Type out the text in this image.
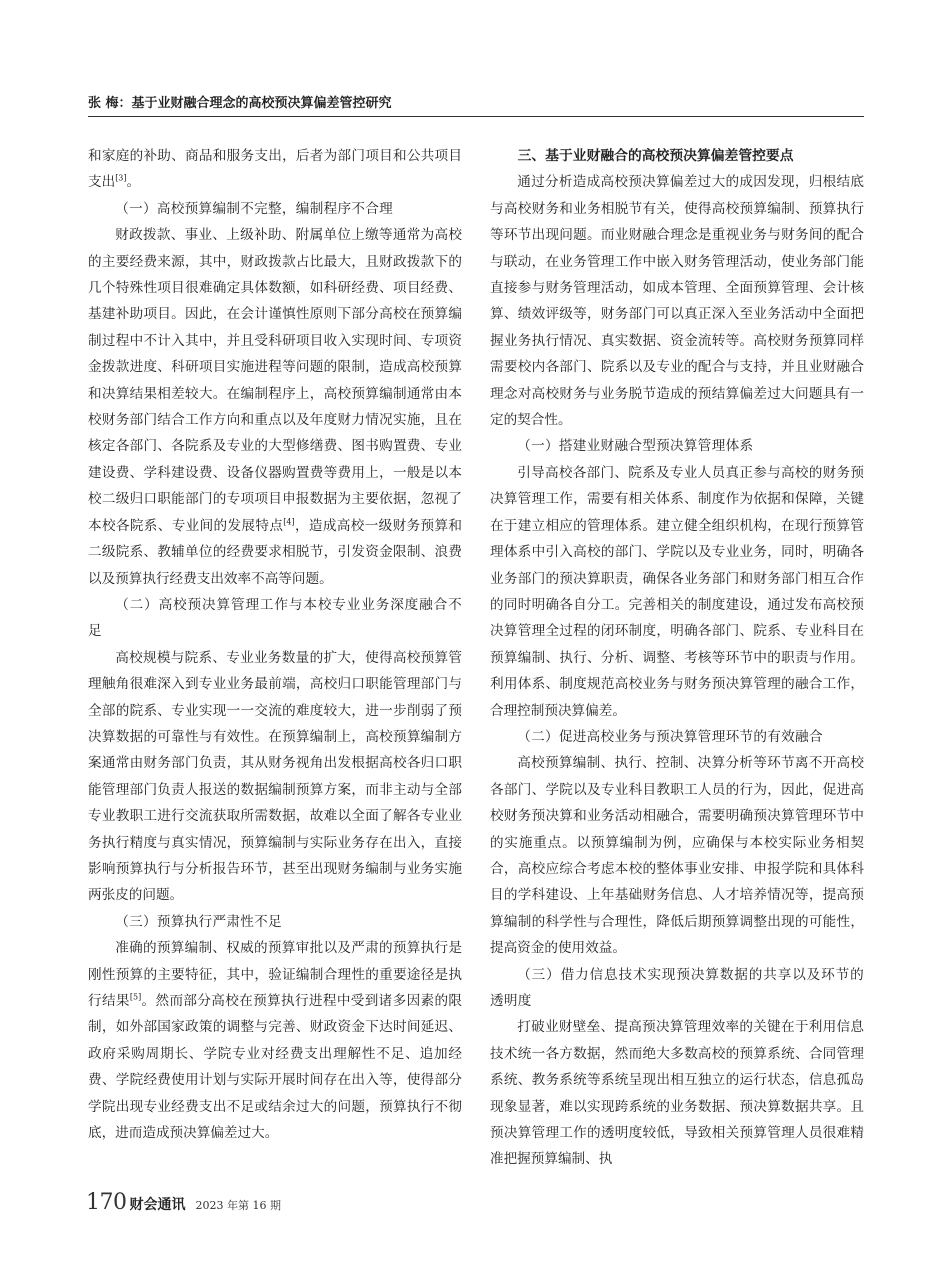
张 梅：基于业财融合理念的高校预决算偏差管控研究

和家庭的补助、商品和服务支出，后者为部门项目和公共项目支出[3]。

（一）高校预算编制不完整，编制程序不合理

财政拨款、事业、上级补助、附属单位上缴等通常为高校的主要经费来源，其中，财政拨款占比最大，且财政拨款下的几个特殊性项目很难确定具体数额，如科研经费、项目经费、基建补助项目。因此，在会计谨慎性原则下部分高校在预算编制过程中不计入其中，并且受科研项目收入实现时间、专项资金拨款进度、科研项目实施进程等问题的限制，造成高校预算和决算结果相差较大。在编制程序上，高校预算编制通常由本校财务部门结合工作方向和重点以及年度财力情况实施，且在核定各部门、各院系及专业的大型修缮费、图书购置费、专业建设费、学科建设费、设备仪器购置费等费用上，一般是以本校二级归口职能部门的专项项目申报数据为主要依据，忽视了本校各院系、专业间的发展特点[4]，造成高校一级财务预算和二级院系、教辅单位的经费要求相脱节，引发资金限制、浪费以及预算执行经费支出效率不高等问题。

（二）高校预决算管理工作与本校专业业务深度融合不足

高校规模与院系、专业业务数量的扩大，使得高校预算管理触角很难深入到专业业务最前端，高校归口职能管理部门与全部的院系、专业实现一一交流的难度较大，进一步削弱了预决算数据的可靠性与有效性。在预算编制上，高校预算编制方案通常由财务部门负责，其从财务视角出发根据高校各归口职能管理部门负责人报送的数据编制预算方案，而非主动与全部专业教职工进行交流获取所需数据，故难以全面了解各专业业务执行精度与真实情况，预算编制与实际业务存在出入，直接影响预算执行与分析报告环节，甚至出现财务编制与业务实施两张皮的问题。

（三）预算执行严肃性不足

准确的预算编制、权威的预算审批以及严肃的预算执行是刚性预算的主要特征，其中，验证编制合理性的重要途径是执行结果[5]。然而部分高校在预算执行进程中受到诸多因素的限制，如外部国家政策的调整与完善、财政资金下达时间延迟、政府采购周期长、学院专业对经费支出理解性不足、追加经费、学院经费使用计划与实际开展时间存在出入等，使得部分学院出现专业经费支出不足或结余过大的问题，预算执行不彻底，进而造成预决算偏差过大。

三、基于业财融合的高校预决算偏差管控要点

通过分析造成高校预决算偏差过大的成因发现，归根结底与高校财务和业务相脱节有关，使得高校预算编制、预算执行等环节出现问题。而业财融合理念是重视业务与财务间的配合与联动，在业务管理工作中嵌入财务管理活动，使业务部门能直接参与财务管理活动，如成本管理、全面预算管理、会计核算、绩效评级等，财务部门可以真正深入至业务活动中全面把握业务执行情况、真实数据、资金流转等。高校财务预算同样需要校内各部门、院系以及专业的配合与支持，并且业财融合理念对高校财务与业务脱节造成的预结算偏差过大问题具有一定的契合性。

（一）搭建业财融合型预决算管理体系

引导高校各部门、院系及专业人员真正参与高校的财务预决算管理工作，需要有相关体系、制度作为依据和保障，关键在于建立相应的管理体系。建立健全组织机构，在现行预算管理体系中引入高校的部门、学院以及专业业务，同时，明确各业务部门的预决算职责，确保各业务部门和财务部门相互合作的同时明确各自分工。完善相关的制度建设，通过发布高校预决算管理全过程的闭环制度，明确各部门、院系、专业科目在预算编制、执行、分析、调整、考核等环节中的职责与作用。利用体系、制度规范高校业务与财务预决算管理的融合工作，合理控制预决算偏差。

（二）促进高校业务与预决算管理环节的有效融合

高校预算编制、执行、控制、决算分析等环节离不开高校各部门、学院以及专业科目教职工人员的行为，因此，促进高校财务预决算和业务活动相融合，需要明确预决算管理环节中的实施重点。以预算编制为例，应确保与本校实际业务相契合，高校应综合考虑本校的整体事业安排、申报学院和具体科目的学科建设、上年基础财务信息、人才培养情况等，提高预算编制的科学性与合理性，降低后期预算调整出现的可能性，提高资金的使用效益。

（三）借力信息技术实现预决算数据的共享以及环节的透明度

打破业财壁垒、提高预决算管理效率的关键在于利用信息技术统一各方数据，然而绝大多数高校的预算系统、合同管理系统、教务系统等系统呈现出相互独立的运行状态，信息孤岛现象显著，难以实现跨系统的业务数据、预决算数据共享。且预决算管理工作的透明度较低，导致相关预算管理人员很难精准把握预算编制、执

170 财会通讯 2023 年第 16 期
